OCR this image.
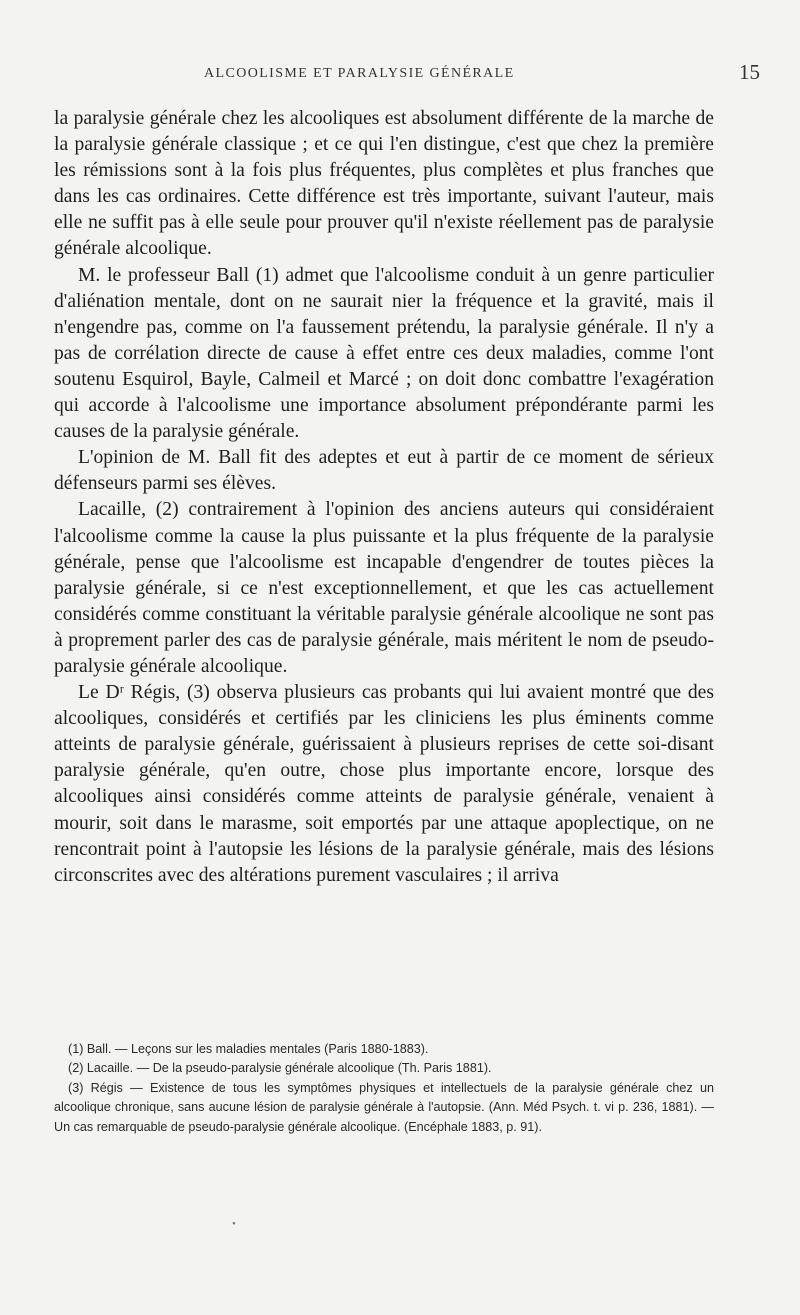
ALCOOLISME ET PARALYSIE GÉNÉRALE	15

la paralysie générale chez les alcooliques est absolument différente de la marche de la paralysie générale classique ; et ce qui l'en distingue, c'est que chez la première les rémissions sont à la fois plus fréquentes, plus complètes et plus franches que dans les cas ordinaires. Cette différence est très importante, suivant l'auteur, mais elle ne suffit pas à elle seule pour prouver qu'il n'existe réellement pas de paralysie générale alcoolique.

M. le professeur Ball (1) admet que l'alcoolisme conduit à un genre particulier d'aliénation mentale, dont on ne saurait nier la fréquence et la gravité, mais il n'engendre pas, comme on l'a faussement prétendu, la paralysie générale. Il n'y a pas de corrélation directe de cause à effet entre ces deux maladies, comme l'ont soutenu Esquirol, Bayle, Calmeil et Marcé ; on doit donc combattre l'exagération qui accorde à l'alcoolisme une importance absolument prépondérante parmi les causes de la paralysie générale.

L'opinion de M. Ball fit des adeptes et eut à partir de ce moment de sérieux défenseurs parmi ses élèves.

Lacaille, (2) contrairement à l'opinion des anciens auteurs qui considéraient l'alcoolisme comme la cause la plus puissante et la plus fréquente de la paralysie générale, pense que l'alcoolisme est incapable d'engendrer de toutes pièces la paralysie générale, si ce n'est exceptionnellement, et que les cas actuellement considérés comme constituant la véritable paralysie générale alcoolique ne sont pas à proprement parler des cas de paralysie générale, mais méritent le nom de pseudo-paralysie générale alcoolique.

Le Dʳ Régis, (3) observa plusieurs cas probants qui lui avaient montré que des alcooliques, considérés et certifiés par les cliniciens les plus éminents comme atteints de paralysie générale, guérissaient à plusieurs reprises de cette soi-disant paralysie générale, qu'en outre, chose plus importante encore, lorsque des alcooliques ainsi considérés comme atteints de paralysie générale, venaient à mourir, soit dans le marasme, soit emportés par une attaque apoplectique, on ne rencontrait point à l'autopsie les lésions de la paralysie générale, mais des lésions circonscrites avec des altérations purement vasculaires ; il arriva

(1) Ball. — Leçons sur les maladies mentales (Paris 1880-1883).

(2) Lacaille. — De la pseudo-paralysie générale alcoolique (Th. Paris 1881).

(3) Régis — Existence de tous les symptômes physiques et intellectuels de la paralysie générale chez un alcoolique chronique, sans aucune lésion de paralysie générale à l'autopsie. (Ann. Méd Psych. t. vi p. 236, 1881). — Un cas remarquable de pseudo-paralysie générale alcoolique. (Encéphale 1883, p. 91).

•
